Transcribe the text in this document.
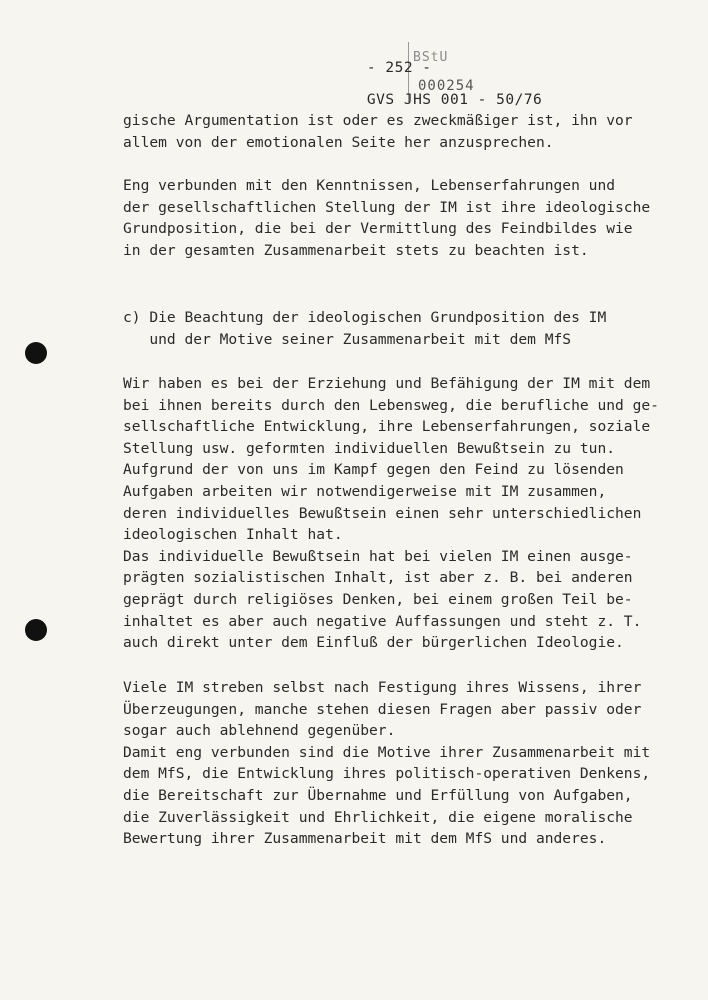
- 252 -

GVS JHS 001 - 50/76

BStU
000254
gische Argumentation ist oder es zweckmäßiger ist, ihn vor
allem von der emotionalen Seite her anzusprechen.
Eng verbunden mit den Kenntnissen, Lebenserfahrungen und
der gesellschaftlichen Stellung der IM ist ihre ideologische
Grundposition, die bei der Vermittlung des Feindbildes wie
in der gesamten Zusammenarbeit stets zu beachten ist.
c) Die Beachtung der ideologischen Grundposition des IM
und der Motive seiner Zusammenarbeit mit dem MfS
Wir haben es bei der Erziehung und Befähigung der IM mit dem
bei ihnen bereits durch den Lebensweg, die berufliche und ge-
sellschaftliche Entwicklung, ihre Lebenserfahrungen, soziale
Stellung usw. geformten individuellen Bewußtsein zu tun.
Aufgrund der von uns im Kampf gegen den Feind zu lösenden
Aufgaben arbeiten wir notwendigerweise mit IM zusammen,
deren individuelles Bewußtsein einen sehr unterschiedlichen
ideologischen Inhalt hat.
Das individuelle Bewußtsein hat bei vielen IM einen ausge-
prägten sozialistischen Inhalt, ist aber z. B. bei anderen
geprägt durch religiöses Denken, bei einem großen Teil be-
inhaltet es aber auch negative Auffassungen und steht z. T.
auch direkt unter dem Einfluß der bürgerlichen Ideologie.
Viele IM streben selbst nach Festigung ihres Wissens, ihrer
Überzeugungen, manche stehen diesen Fragen aber passiv oder
sogar auch ablehnend gegenüber.
Damit eng verbunden sind die Motive ihrer Zusammenarbeit mit
dem MfS, die Entwicklung ihres politisch-operativen Denkens,
die Bereitschaft zur Übernahme und Erfüllung von Aufgaben,
die Zuverlässigkeit und Ehrlichkeit, die eigene moralische
Bewertung ihrer Zusammenarbeit mit dem MfS und anderes.
